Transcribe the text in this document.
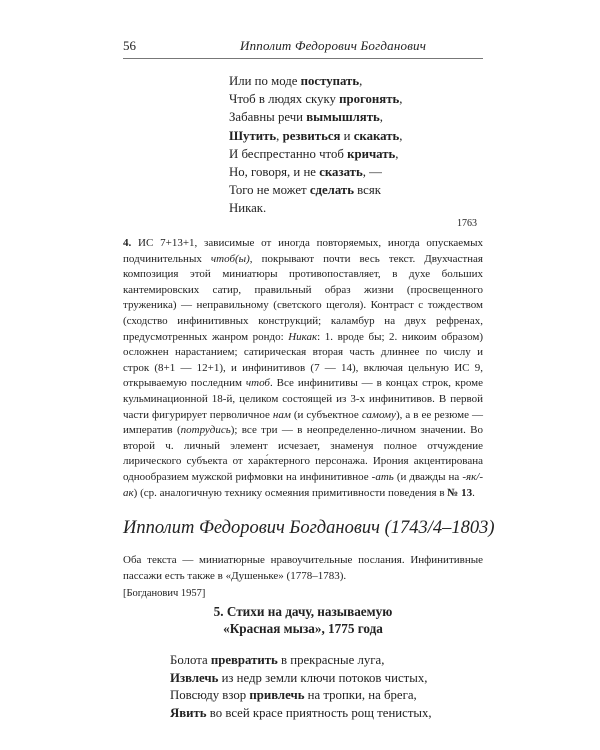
56	Ипполит Федорович Богданович
Или по моде поступать,
Чтоб в людях скуку прогонять,
Забавны речи вымышлять,
Шутить, резвиться и скакать,
И беспрестанно чтоб кричать,
Но, говоря, и не сказать, —
Того не может сделать всяк
Никак.
1763
4. ИС 7+13+1, зависимые от иногда повторяемых, иногда опускаемых подчинительных чтоб(ы), покрывают почти весь текст. Двухчастная композиция этой миниатюры противопоставляет, в духе больших кантемировских сатир, правильный образ жизни (просвещенного труженика) — неправильному (светского щеголя). Контраст с тождеством (сходство инфинитивных конструкций; каламбур на двух рефренах, предусмотренных жанром рондо: Никак: 1. вроде бы; 2. никоим образом) осложнен нарастанием; сатирическая вторая часть длиннее по числу и строк (8+1 — 12+1), и инфинитивов (7 — 14), включая цельную ИС 9, открываемую последним чтоб. Все инфинитивы — в концах строк, кроме кульминационной 18-й, целиком состоящей из 3-х инфинитивов. В первой части фигурирует перволичное нам (и субъектное самому), а в ее резюме — императив (потрудись); все три — в неопределенно-личном значении. Во второй ч. личный элемент исчезает, знаменуя полное отчуждение лирического субъекта от хара́ктерного персонажа. Ирония акцентирована однообразием мужской рифмовки на инфинитивное -ать (и дважды на -як/-ак) (ср. аналогичную технику осмеяния примитивности поведения в № 13.
Ипполит Федорович Богданович (1743/4–1803)
Оба текста — миниатюрные нравоучительные послания. Инфинитивные пассажи есть также в «Душеньке» (1778–1783).
[Богданович 1957]
5. Стихи на дачу, называемую
«Красная мыза», 1775 года
Болота превратить в прекрасные луга,
Извлечь из недр земли ключи потоков чистых,
Повсюду взор привлечь на тропки, на брега,
Явить во всей красе приятность рощ тенистых,
